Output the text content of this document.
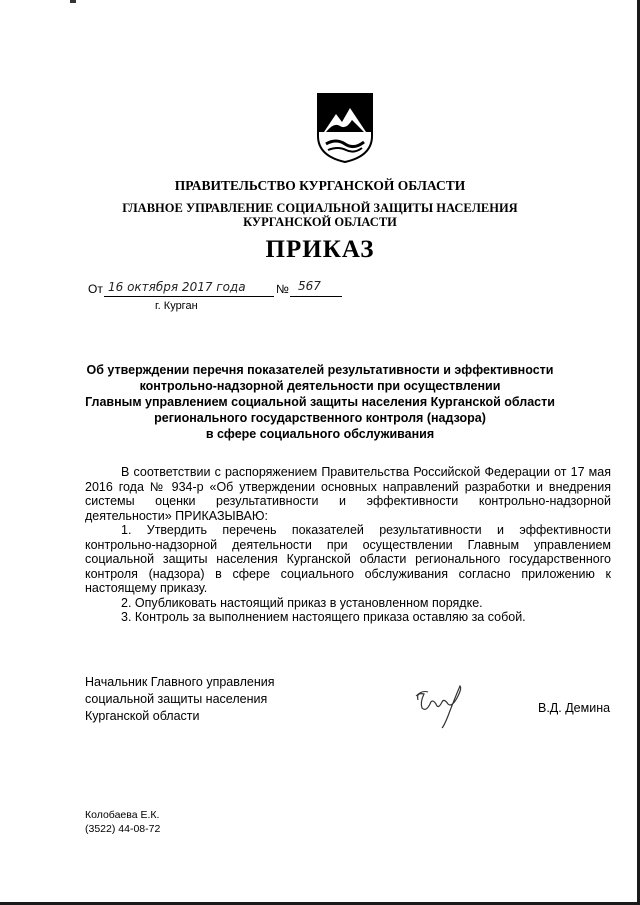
ПРАВИТЕЛЬСТВО КУРГАНСКОЙ ОБЛАСТИ
ГЛАВНОЕ УПРАВЛЕНИЕ СОЦИАЛЬНОЙ ЗАЩИТЫ НАСЕЛЕНИЯ
КУРГАНСКОЙ ОБЛАСТИ
ПРИКАЗ
От 16 октября 2017 года	№ 567
г. Курган
Об утверждении перечня показателей результативности и эффективности
контрольно-надзорной деятельности при осуществлении
Главным управлением социальной защиты населения Курганской области
регионального государственного контроля (надзора)
в сфере социального обслуживания

В соответствии с распоряжением Правительства Российской Федерации от 17 мая 2016 года № 934-р «Об утверждении основных направлений разработки и внедрения системы оценки результативности и эффективности контрольно-надзорной деятельности» ПРИКАЗЫВАЮ:

1. Утвердить перечень показателей результативности и эффективности контрольно-надзорной деятельности при осуществлении Главным управлением социальной защиты населения Курганской области регионального государственного контроля (надзора) в сфере социального обслуживания согласно приложению к настоящему приказу.

2. Опубликовать настоящий приказ в установленном порядке.

3. Контроль за выполнением настоящего приказа оставляю за собой.

Начальник Главного управления
социальной защиты населения
Курганской области
В.Д. Демина
Колобаева Е.К.
(3522) 44-08-72
